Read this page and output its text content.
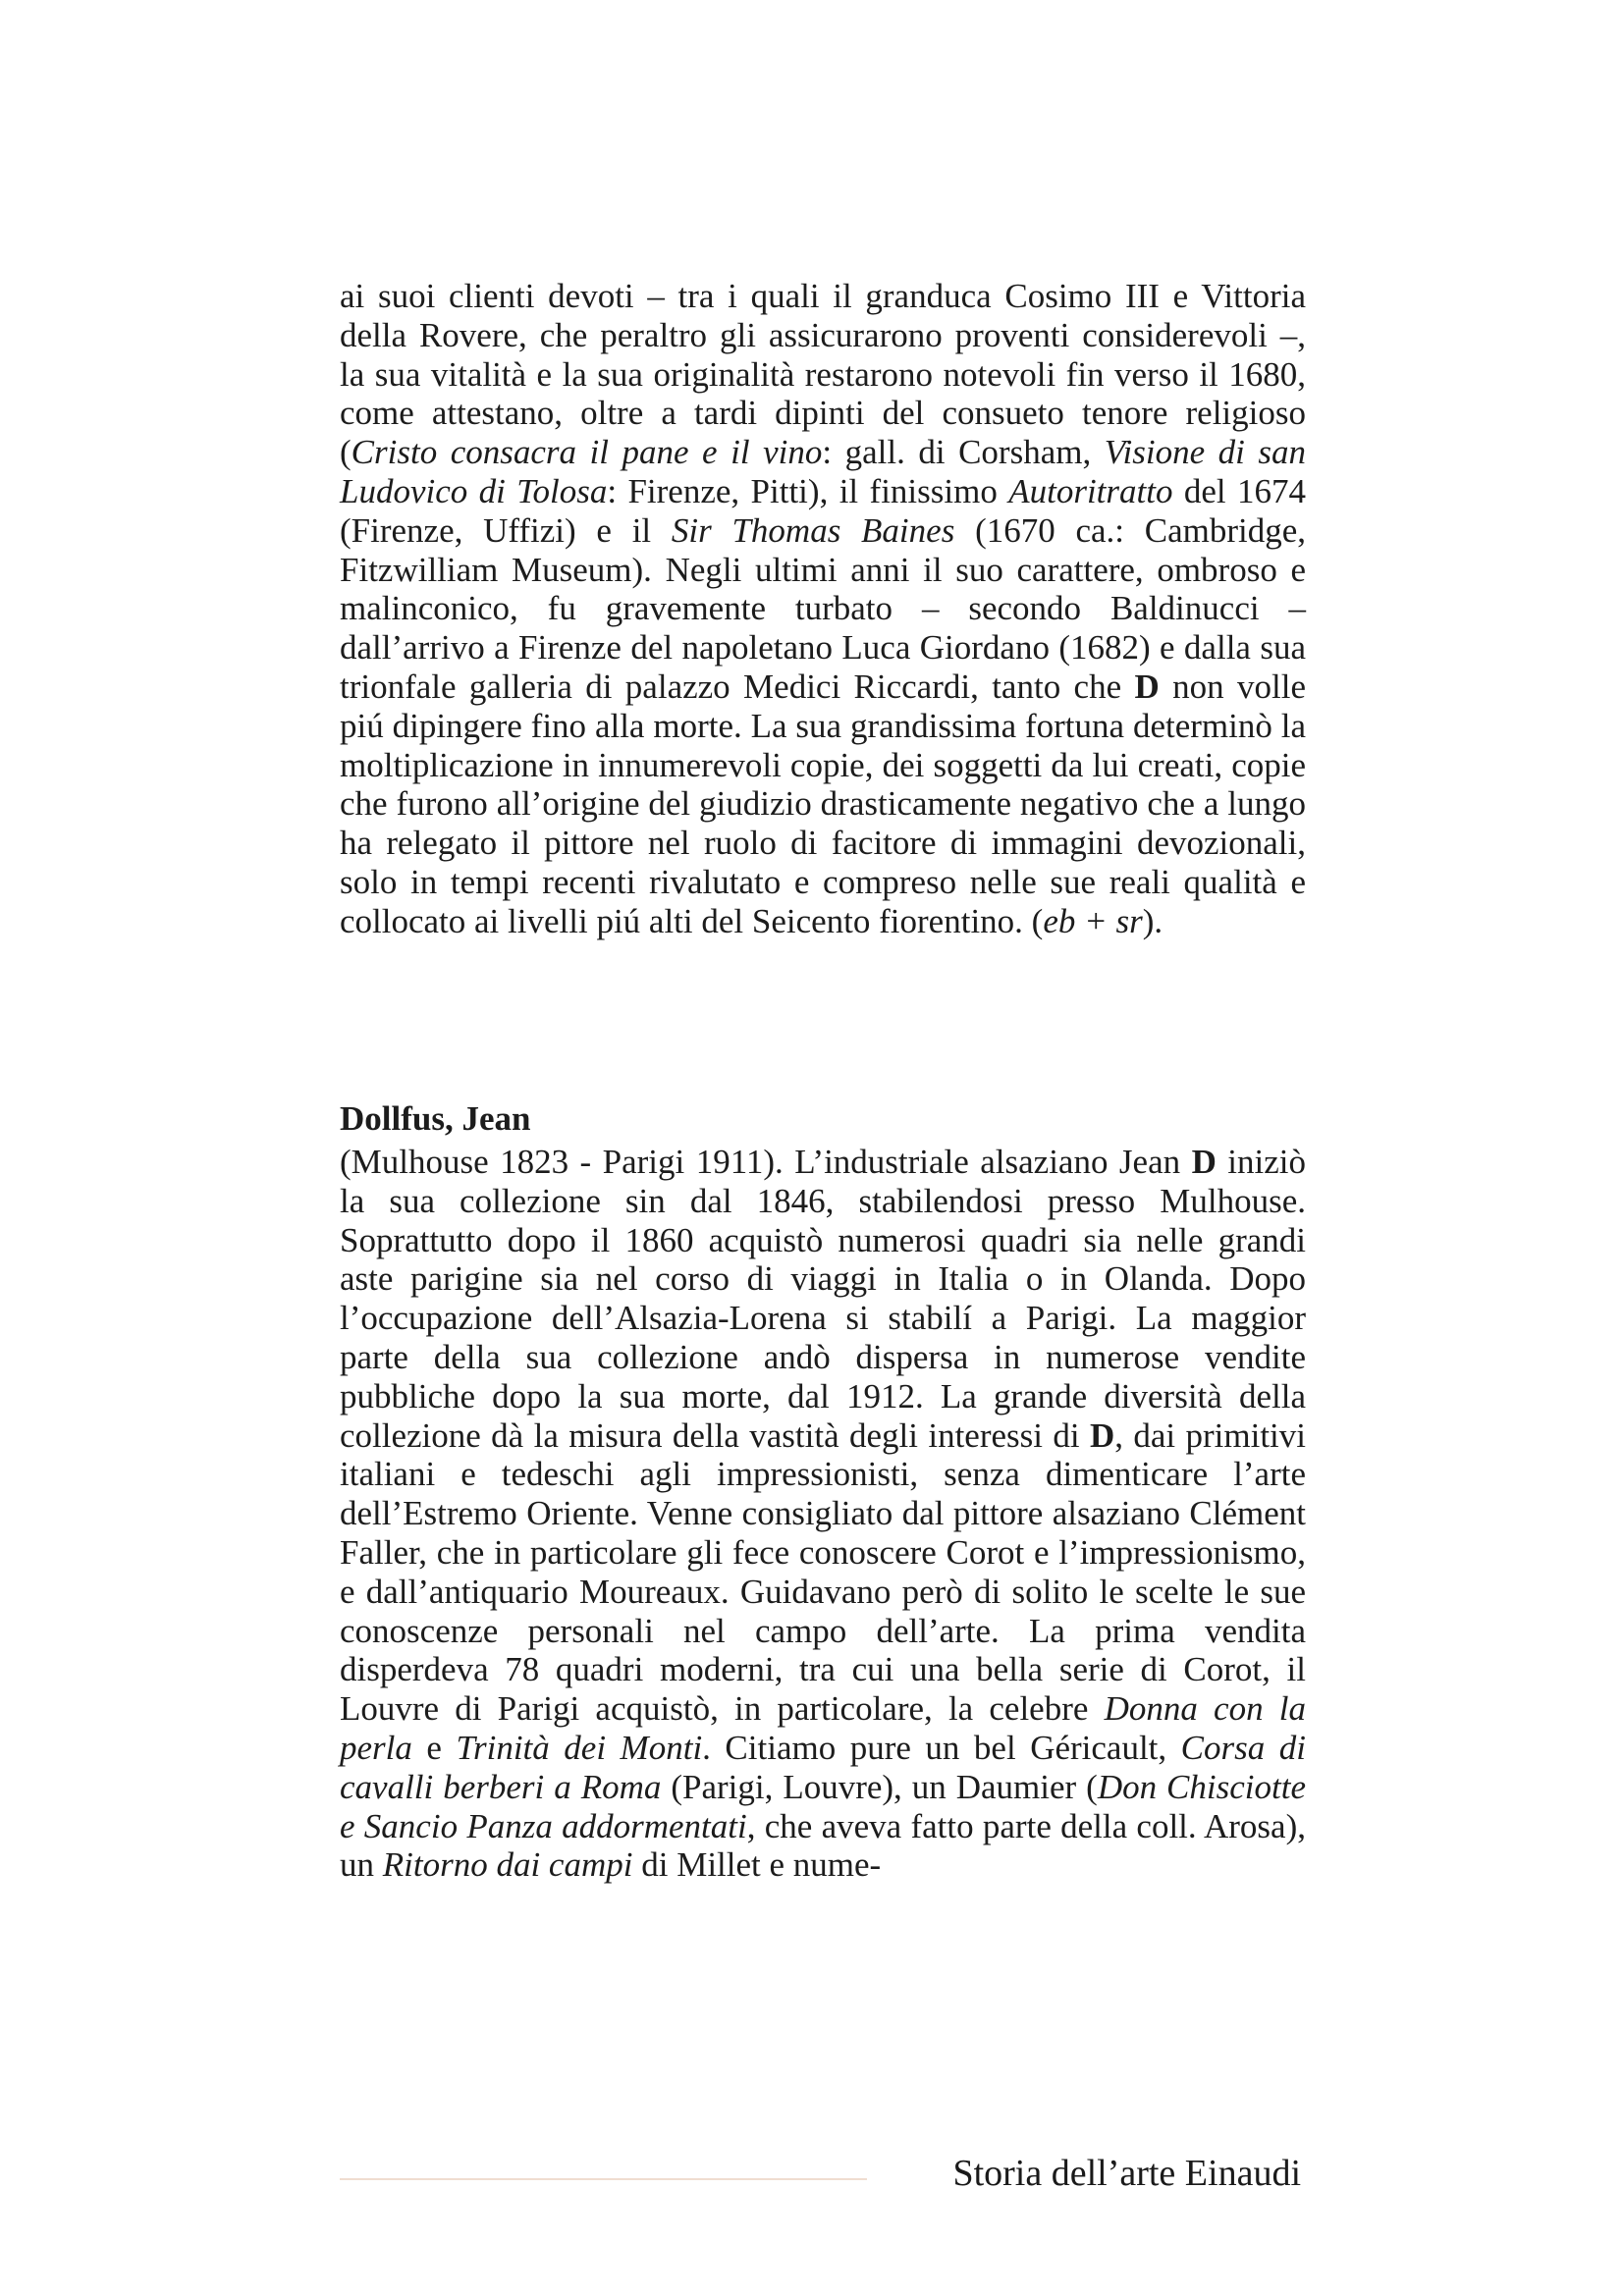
ai suoi clienti devoti – tra i quali il granduca Cosimo III e Vittoria della Rovere, che peraltro gli assicurarono proventi considerevoli –, la sua vitalità e la sua originalità restarono notevoli fin verso il 1680, come attestano, oltre a tardi dipinti del consueto tenore religioso (Cristo consacra il pane e il vino: gall. di Corsham, Visione di san Ludovico di Tolosa: Firenze, Pitti), il finissimo Autoritratto del 1674 (Firenze, Uffizi) e il Sir Thomas Baines (1670 ca.: Cambridge, Fitzwilliam Museum). Negli ultimi anni il suo carattere, ombroso e malinconico, fu gravemente turbato – secondo Baldinucci – dall’arrivo a Firenze del napoletano Luca Giordano (1682) e dalla sua trionfale galleria di palazzo Medici Riccardi, tanto che D non volle piú dipingere fino alla morte. La sua grandissima fortuna determinò la moltiplicazione in innumerevoli copie, dei soggetti da lui creati, copie che furono all’origine del giudizio drasticamente negativo che a lungo ha relegato il pittore nel ruolo di facitore di immagini devozionali, solo in tempi recenti rivalutato e compreso nelle sue reali qualità e collocato ai livelli piú alti del Seicento fiorentino. (eb + sr).

Dollfus, Jean

(Mulhouse 1823 - Parigi 1911). L’industriale alsaziano Jean D iniziò la sua collezione sin dal 1846, stabilendosi presso Mulhouse. Soprattutto dopo il 1860 acquistò numerosi quadri sia nelle grandi aste parigine sia nel corso di viaggi in Italia o in Olanda. Dopo l’occupazione dell’Alsazia-Lorena si stabilí a Parigi. La maggior parte della sua collezione andò dispersa in numerose vendite pubbliche dopo la sua morte, dal 1912. La grande diversità della collezione dà la misura della vastità degli interessi di D, dai primitivi italiani e tedeschi agli impressionisti, senza dimenticare l’arte dell’Estremo Oriente. Venne consigliato dal pittore alsaziano Clément Faller, che in particolare gli fece conoscere Corot e l’impressionismo, e dall’antiquario Moureaux. Guidavano però di solito le scelte le sue conoscenze personali nel campo dell’arte. La prima vendita disperdeva 78 quadri moderni, tra cui una bella serie di Corot, il Louvre di Parigi acquistò, in particolare, la celebre Donna con la perla e Trinità dei Monti. Citiamo pure un bel Géricault, Corsa di cavalli berberi a Roma (Parigi, Louvre), un Daumier (Don Chisciotte e Sancio Panza addormentati, che aveva fatto parte della coll. Arosa), un Ritorno dai campi di Millet e nume-

Storia dell’arte Einaudi
